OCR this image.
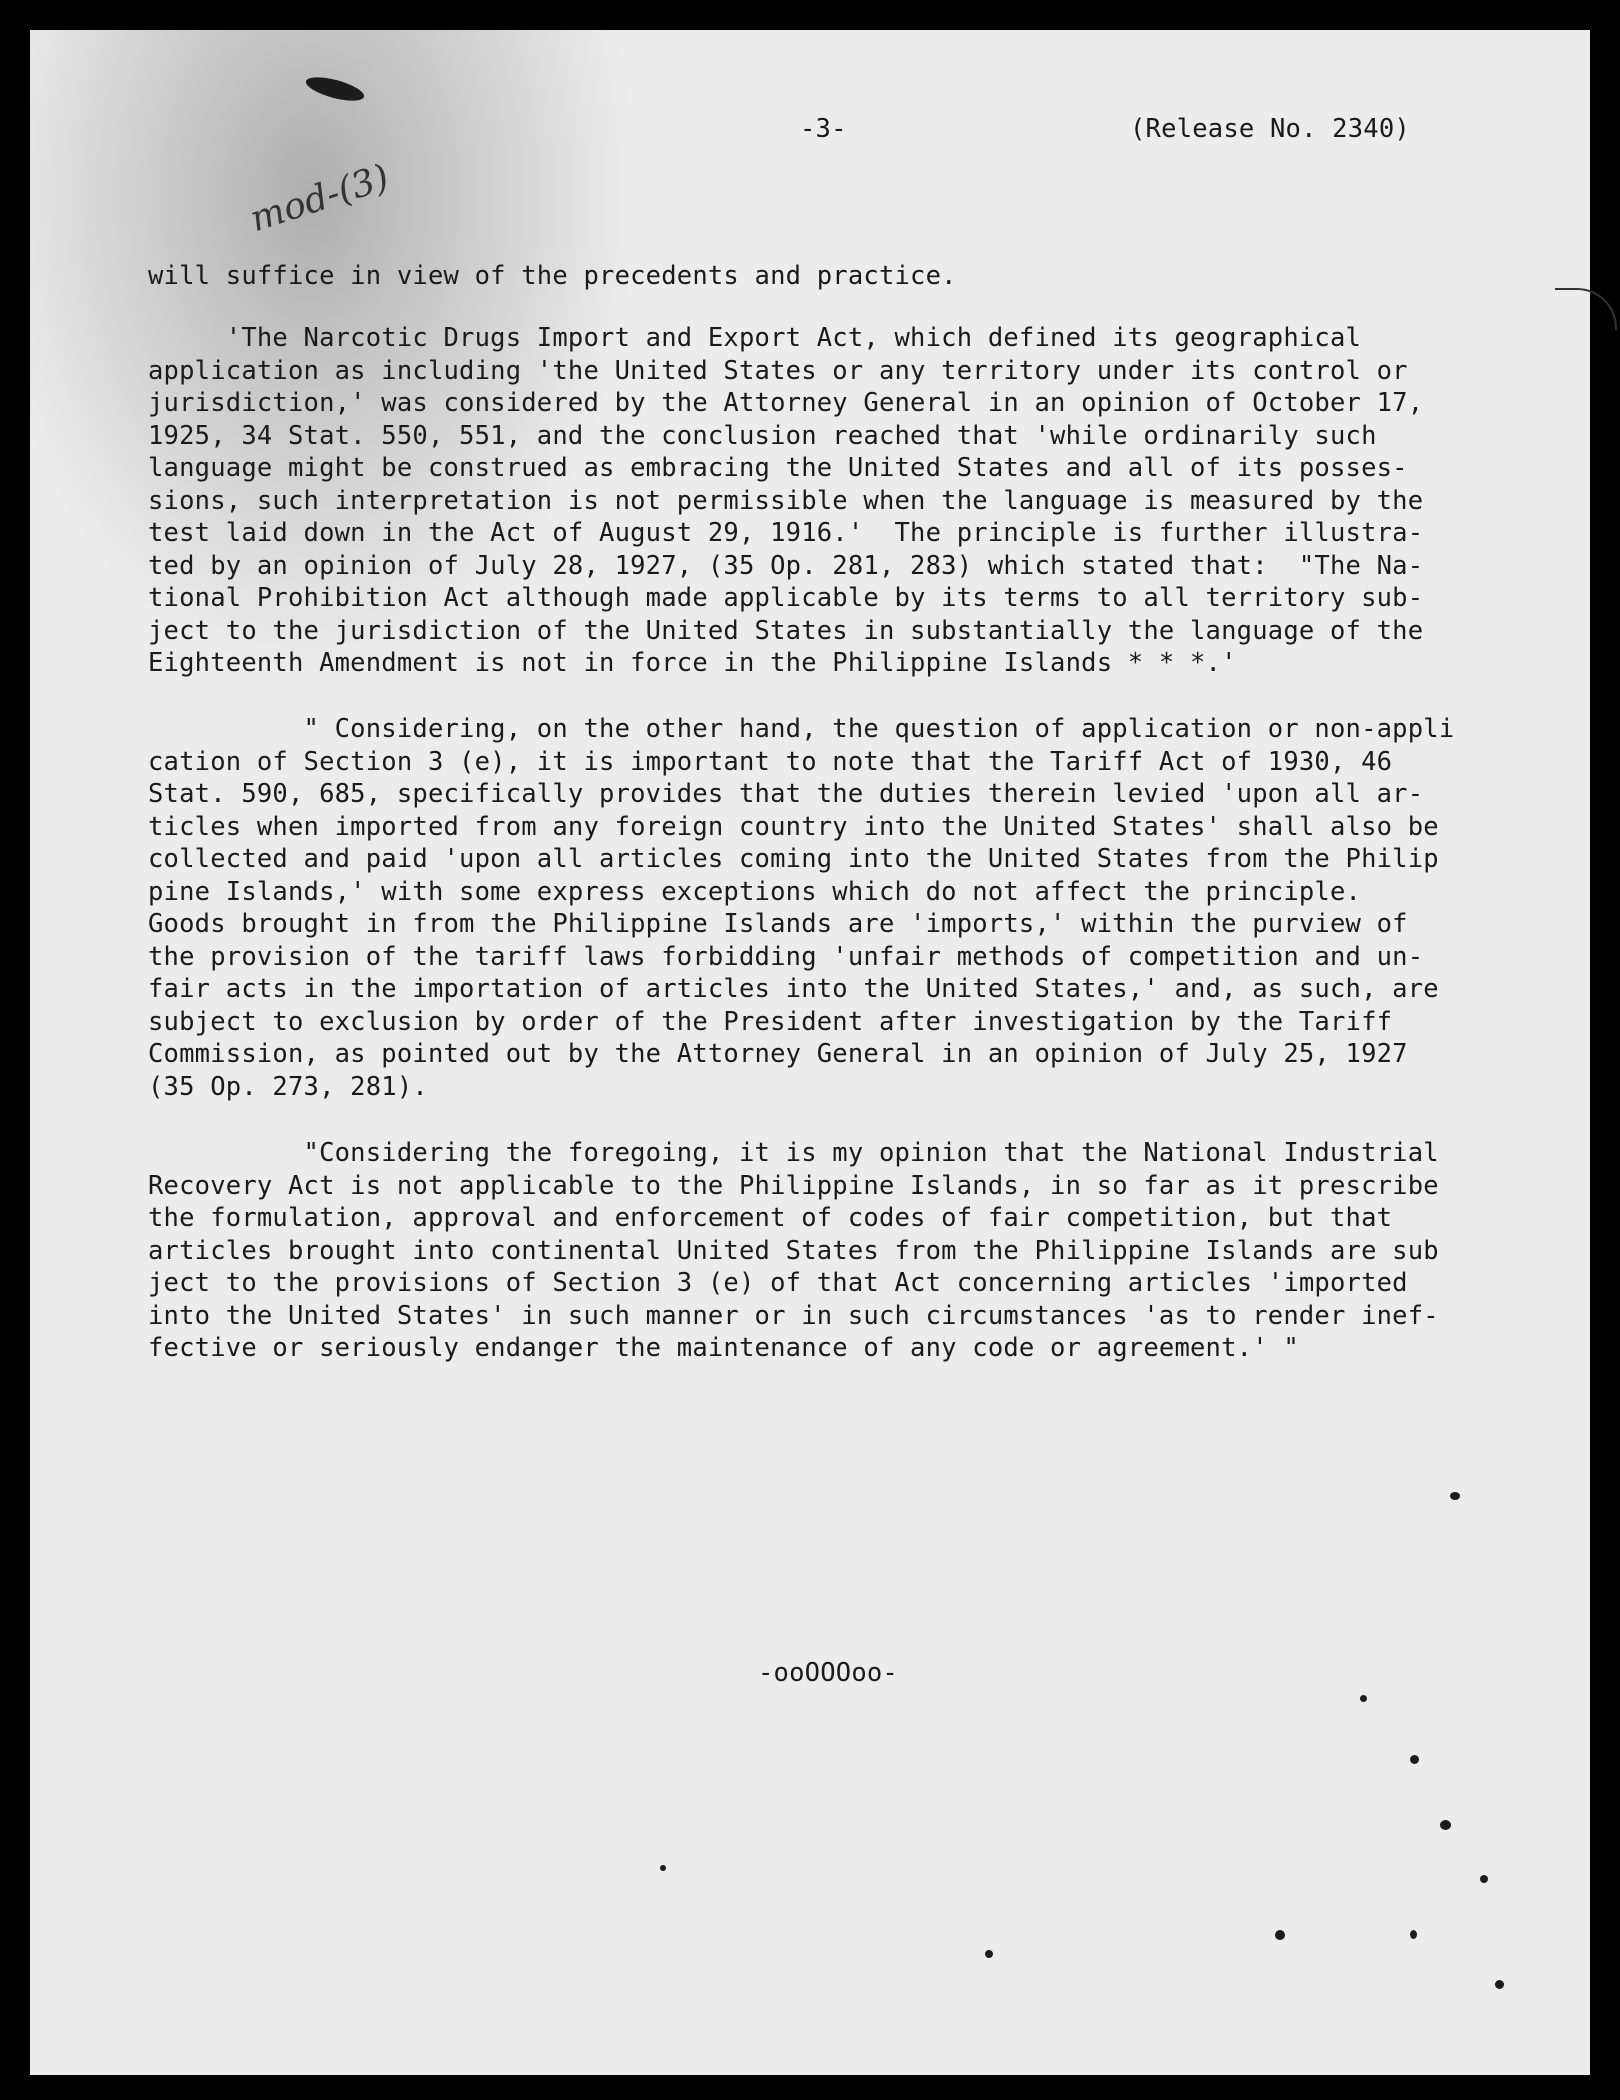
mod-(3)
-3-	(Release No. 2340)
will suffice in view of the precedents and practice.
'The Narcotic Drugs Import and Export Act, which defined its geographical
application as including 'the United States or any territory under its control or
jurisdiction,' was considered by the Attorney General in an opinion of October 17,
1925, 34 Stat. 550, 551, and the conclusion reached that 'while ordinarily such
language might be construed as embracing the United States and all of its posses-
sions, such interpretation is not permissible when the language is measured by the
test laid down in the Act of August 29, 1916.'  The principle is further illustra-
ted by an opinion of July 28, 1927, (35 Op. 281, 283) which stated that:  "The Na-
tional Prohibition Act although made applicable by its terms to all territory sub-
ject to the jurisdiction of the United States in substantially the language of the
Eighteenth Amendment is not in force in the Philippine Islands * * *.'
" Considering, on the other hand, the question of application or non-appli
cation of Section 3 (e), it is important to note that the Tariff Act of 1930, 46
Stat. 590, 685, specifically provides that the duties therein levied 'upon all ar-
ticles when imported from any foreign country into the United States' shall also be
collected and paid 'upon all articles coming into the United States from the Philip
pine Islands,' with some express exceptions which do not affect the principle.
Goods brought in from the Philippine Islands are 'imports,' within the purview of
the provision of the tariff laws forbidding 'unfair methods of competition and un-
fair acts in the importation of articles into the United States,' and, as such, are
subject to exclusion by order of the President after investigation by the Tariff
Commission, as pointed out by the Attorney General in an opinion of July 25, 1927
(35 Op. 273, 281).
"Considering the foregoing, it is my opinion that the National Industrial
Recovery Act is not applicable to the Philippine Islands, in so far as it prescribe
the formulation, approval and enforcement of codes of fair competition, but that
articles brought into continental United States from the Philippine Islands are sub
ject to the provisions of Section 3 (e) of that Act concerning articles 'imported
into the United States' in such manner or in such circumstances 'as to render inef-
fective or seriously endanger the maintenance of any code or agreement.' "
-ooOOOoo-
